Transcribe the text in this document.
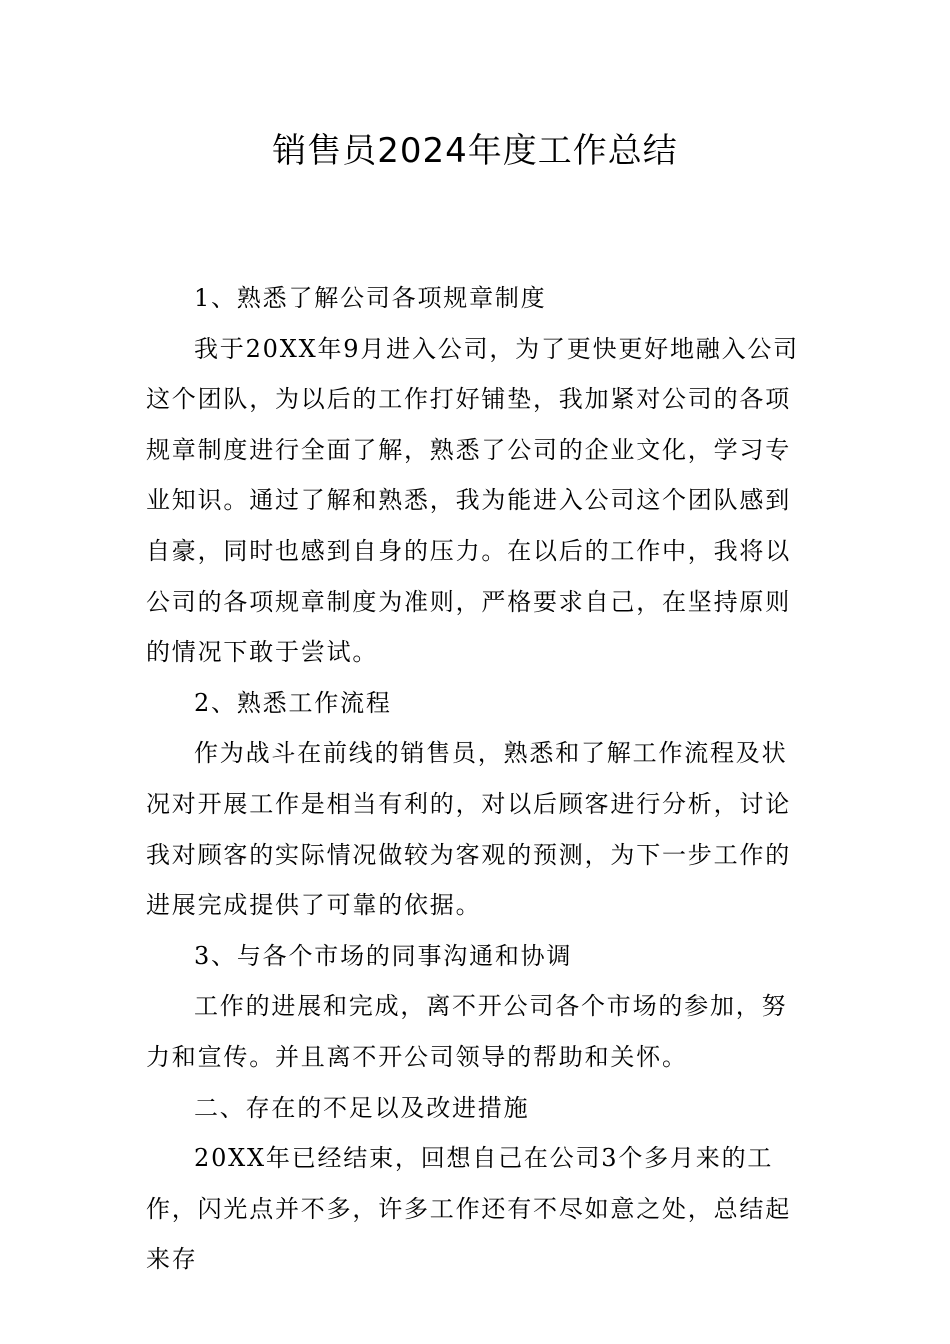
销售员2024年度工作总结

1、熟悉了解公司各项规章制度

我于20XX年9月进入公司，为了更快更好地融入公司这个团队，为以后的工作打好铺垫，我加紧对公司的各项规章制度进行全面了解，熟悉了公司的企业文化，学习专业知识。通过了解和熟悉，我为能进入公司这个团队感到自豪，同时也感到自身的压力。在以后的工作中，我将以公司的各项规章制度为准则，严格要求自己，在坚持原则的情况下敢于尝试。

2、熟悉工作流程

作为战斗在前线的销售员，熟悉和了解工作流程及状况对开展工作是相当有利的，对以后顾客进行分析，讨论我对顾客的实际情况做较为客观的预测，为下一步工作的进展完成提供了可靠的依据。

3、与各个市场的同事沟通和协调

工作的进展和完成，离不开公司各个市场的参加，努力和宣传。并且离不开公司领导的帮助和关怀。

二、存在的不足以及改进措施

20XX年已经结束，回想自己在公司3个多月来的工作，闪光点并不多，许多工作还有不尽如意之处，总结起来存
